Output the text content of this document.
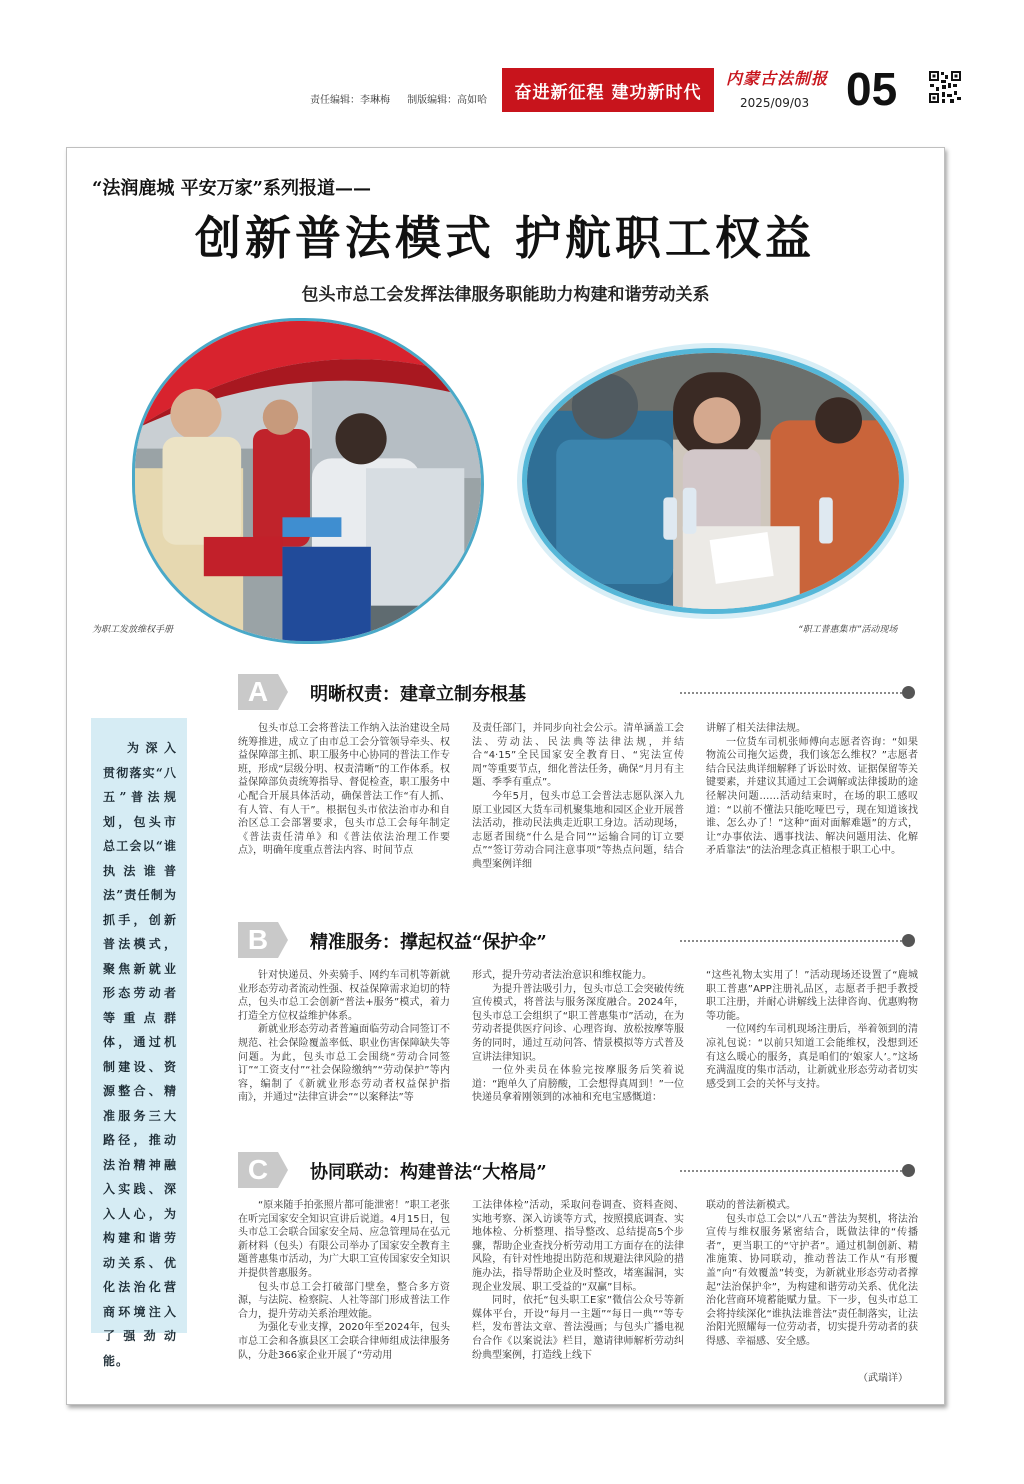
责任编辑：李琳梅 制版编辑：高如哈	奋进新征程 建功新时代
内蒙古法制报
2025/09/03 05
“法润鹿城 平安万家”系列报道——
创新普法模式 护航职工权益
包头市总工会发挥法律服务职能助力构建和谐劳动关系
为职工发放维权手册	“职工普惠集市”活动现场

为深入贯彻落实“八五”普法规划，包头市总工会以“谁执法谁普法”责任制为抓手，创新普法模式，聚焦新就业形态劳动者等重点群体，通过机制建设、资源整合、精准服务三大路径，推动法治精神融入实践、深入人心，为构建和谐劳动关系、优化法治化营商环境注入了强劲动能。

A	明晰权责：建章立制夯根基

包头市总工会将普法工作纳入法治建设全局统筹推进，成立了由市总工会分管领导牵头、权益保障部主抓、职工服务中心协同的普法工作专班，形成“层级分明、权责清晰”的工作体系。权益保障部负责统筹指导、督促检查，职工服务中心配合开展具体活动，确保普法工作“有人抓、有人管、有人干”。根据包头市依法治市办和自治区总工会部署要求，包头市总工会每年制定《普法责任清单》和《普法依法治理工作要点》，明确年度重点普法内容、时间节点

及责任部门，并同步向社会公示。清单涵盖工会法、劳动法、民法典等法律法规，并结合“4·15”全民国家安全教育日、“宪法宣传周”等重要节点，细化普法任务，确保“月月有主题、季季有重点”。

今年5月，包头市总工会普法志愿队深入九原工业园区大货车司机聚集地和园区企业开展普法活动，推动民法典走近职工身边。活动现场，志愿者围绕“什么是合同”“运输合同的订立要点”“签订劳动合同注意事项”等热点问题，结合典型案例详细

讲解了相关法律法规。

一位货车司机张师傅向志愿者咨询：“如果物流公司拖欠运费，我们该怎么维权？”志愿者结合民法典详细解释了诉讼时效、证据保留等关键要素，并建议其通过工会调解或法律援助的途径解决问题……活动结束时，在场的职工感叹道：“以前不懂法只能吃哑巴亏，现在知道该找谁、怎么办了！”这种“面对面解难题”的方式，让“办事依法、遇事找法、解决问题用法、化解矛盾靠法”的法治理念真正植根于职工心中。

B	精准服务：撑起权益“保护伞”

针对快递员、外卖骑手、网约车司机等新就业形态劳动者流动性强、权益保障需求迫切的特点，包头市总工会创新“普法+服务”模式，着力打造全方位权益维护体系。

新就业形态劳动者普遍面临劳动合同签订不规范、社会保险覆盖率低、职业伤害保障缺失等问题。为此，包头市总工会围绕“劳动合同签订”“工资支付”“社会保险缴纳”“劳动保护”等内容，编制了《新就业形态劳动者权益保护指南》，并通过“法律宣讲会”“以案释法”等

形式，提升劳动者法治意识和维权能力。

为提升普法吸引力，包头市总工会突破传统宣传模式，将普法与服务深度融合。2024年，包头市总工会组织了“职工普惠集市”活动，在为劳动者提供医疗问诊、心理咨询、放松按摩等服务的同时，通过互动问答、情景模拟等方式普及宣讲法律知识。

一位外卖员在体验完按摩服务后笑着说道：“跑单久了肩膀酸，工会想得真周到！”一位快递员拿着刚领到的冰袖和充电宝感慨道：

“这些礼物太实用了！”活动现场还设置了“鹿城职工普惠”APP注册礼品区，志愿者手把手教授职工注册，并耐心讲解线上法律咨询、优惠购物等功能。

一位网约车司机现场注册后，举着领到的清凉礼包说：“以前只知道工会能维权，没想到还有这么暖心的服务，真是咱们的‘娘家人’。”这场充满温度的集市活动，让新就业形态劳动者切实感受到工会的关怀与支持。

C	协同联动：构建普法“大格局”

“原来随手拍张照片都可能泄密！”职工老张在听完国家安全知识宣讲后说道。4月15日，包头市总工会联合国家安全局、应急管理局在弘元新材料（包头）有限公司举办了国家安全教育主题普惠集市活动，为广大职工宣传国家安全知识并提供普惠服务。

包头市总工会打破部门壁垒，整合多方资源，与法院、检察院、人社等部门形成普法工作合力，提升劳动关系治理效能。

为强化专业支撑，2020年至2024年，包头市总工会和各旗县区工会联合律师组成法律服务队，分赴366家企业开展了“劳动用

工法律体检”活动，采取问卷调查、资料查阅、实地考察、深入访谈等方式，按照摸底调查、实地体检、分析整理、指导整改、总结提高5个步骤，帮助企业查找分析劳动用工方面存在的法律风险，有针对性地提出防范和规避法律风险的措施办法，指导帮助企业及时整改，堵塞漏洞，实现企业发展、职工受益的“双赢”目标。

同时，依托“包头职工E家”微信公众号等新媒体平台，开设“每月一主题”“每日一典”“等专栏，发布普法文章、普法漫画；与包头广播电视台合作《以案说法》栏目，邀请律师解析劳动纠纷典型案例，打造线上线下

联动的普法新模式。

包头市总工会以“八五”普法为契机，将法治宣传与维权服务紧密结合，既做法律的“传播者”，更当职工的“守护者”。通过机制创新、精准施策、协同联动，推动普法工作从“有形覆盖”向“有效覆盖”转变，为新就业形态劳动者撑起“法治保护伞”，为构建和谐劳动关系、优化法治化营商环境蓄能赋力量。下一步，包头市总工会将持续深化“谁执法谁普法”责任制落实，让法治阳光照耀每一位劳动者，切实提升劳动者的获得感、幸福感、安全感。

（武瑞详）
